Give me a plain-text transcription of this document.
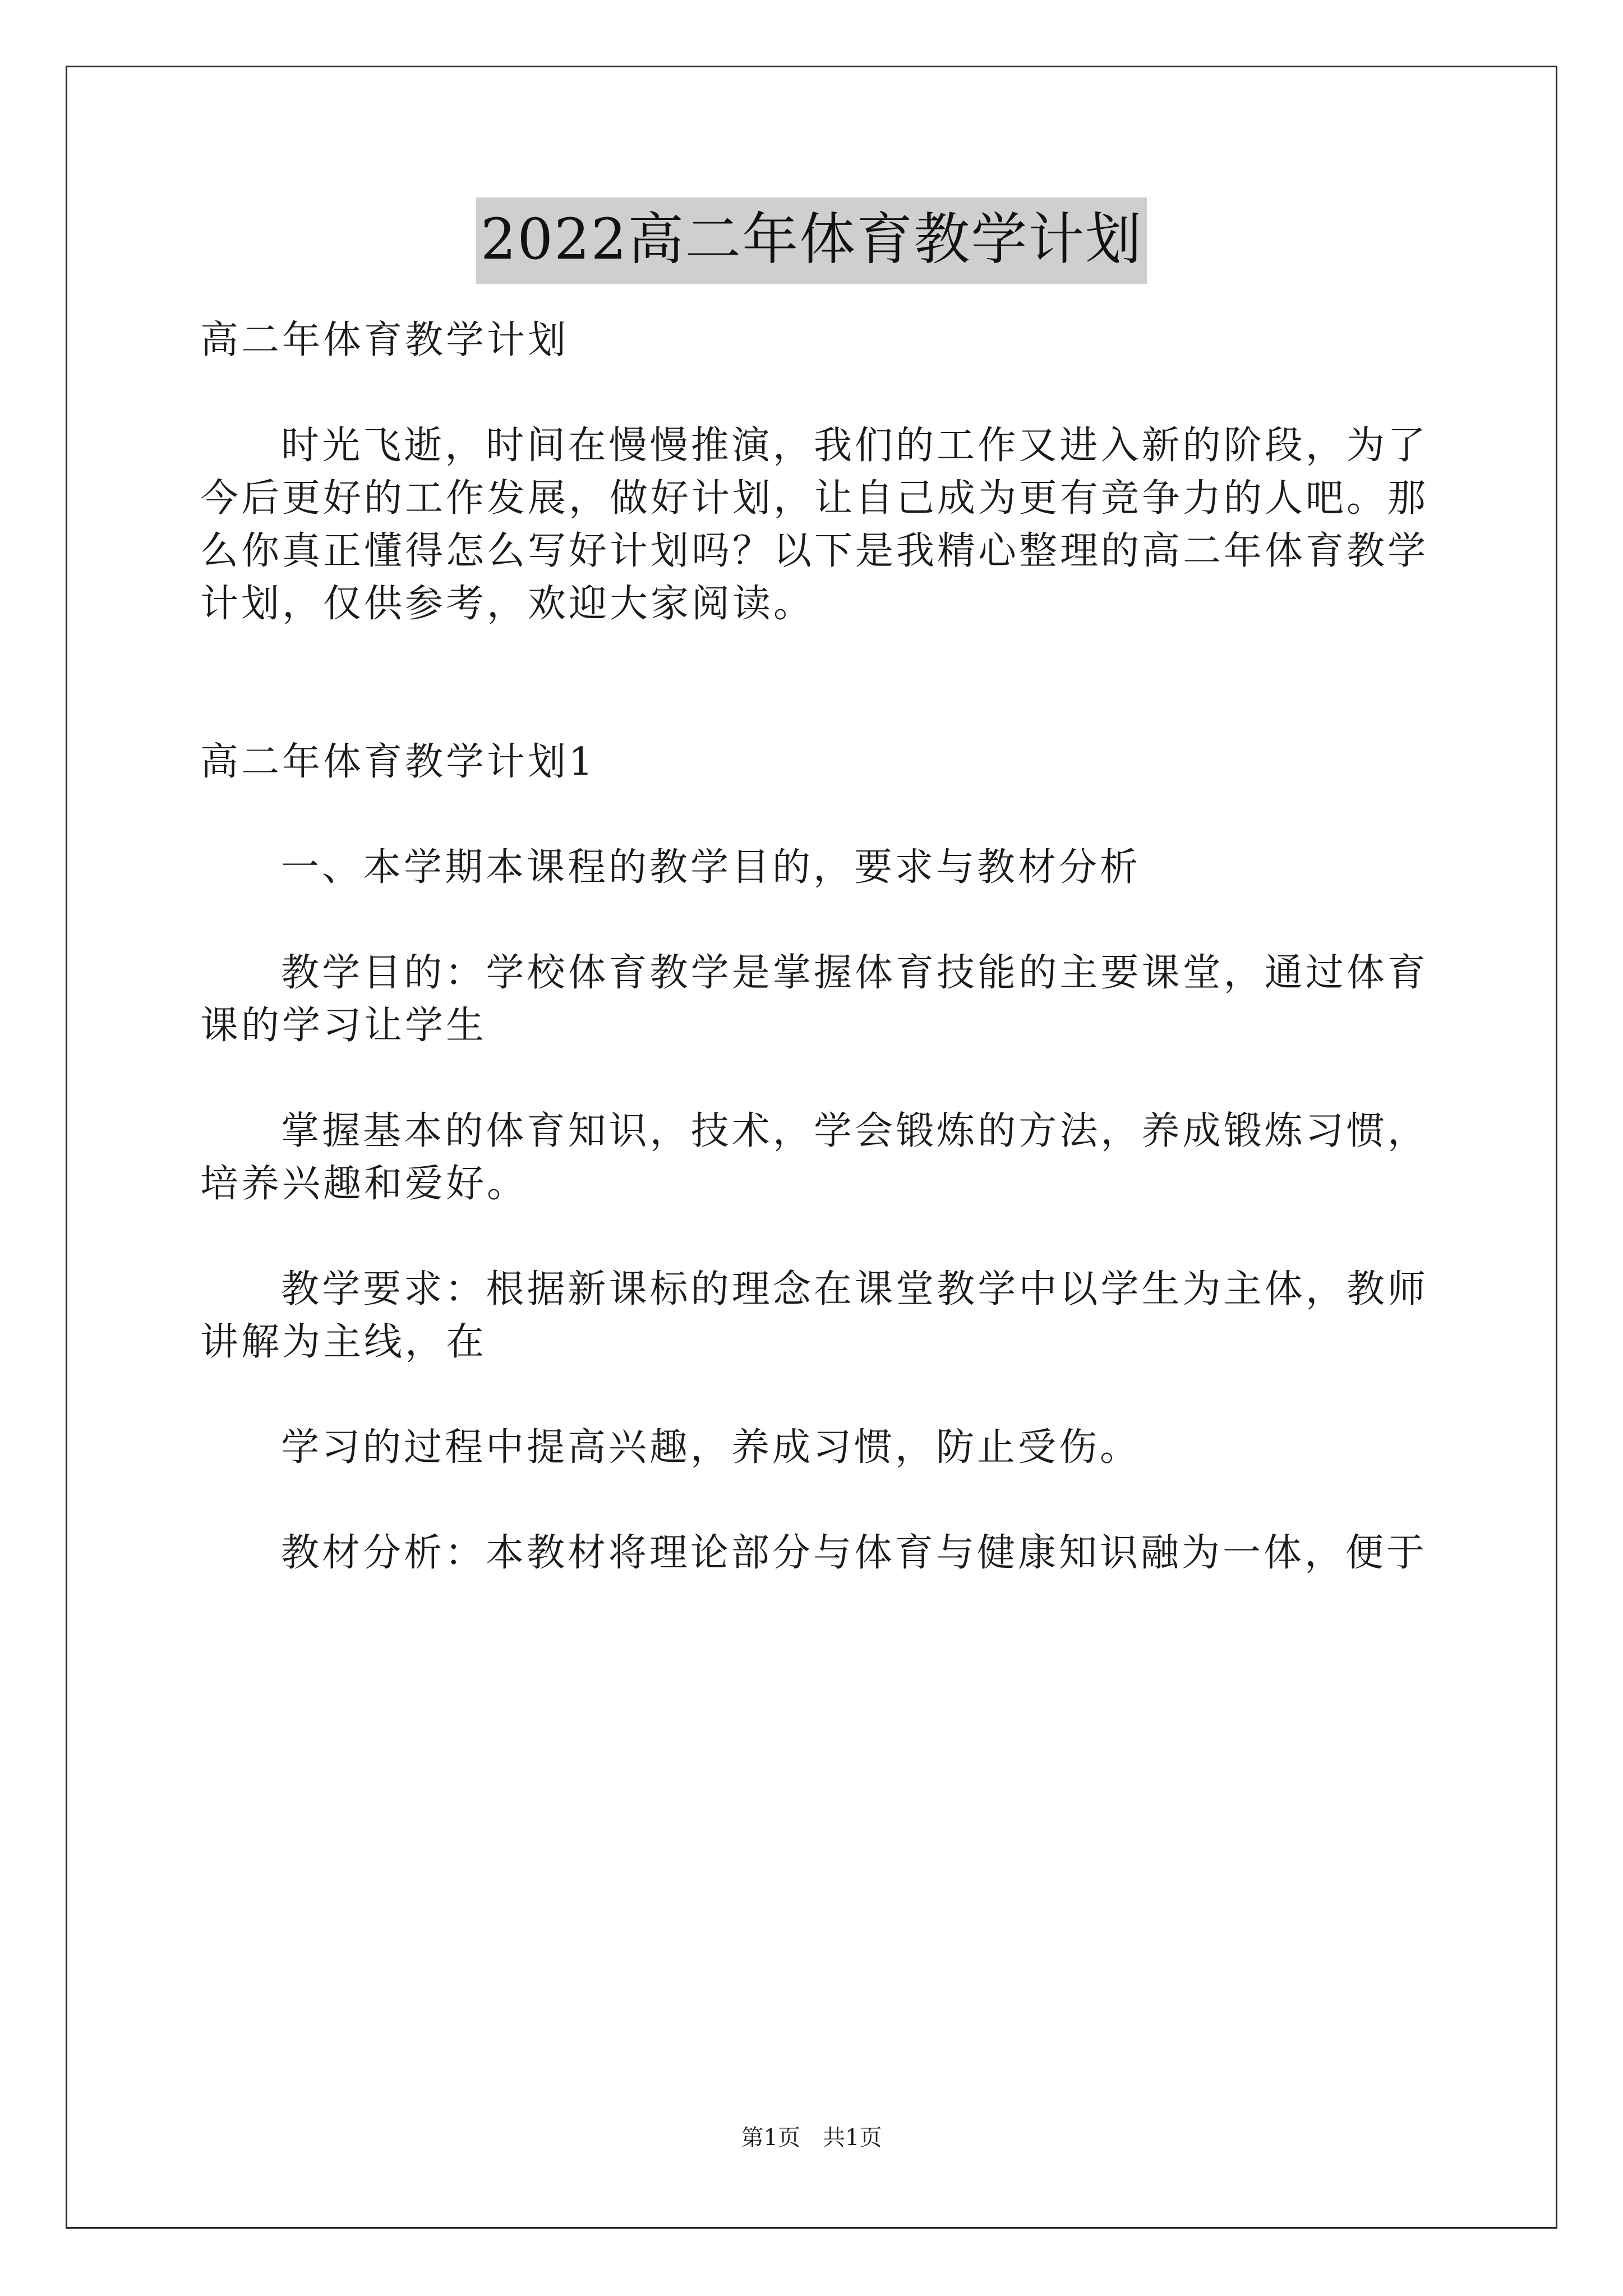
2022高二年体育教学计划

高二年体育教学计划

时光飞逝，时间在慢慢推演，我们的工作又进入新的阶段，为了今后更好的工作发展，做好计划，让自己成为更有竞争力的人吧。那么你真正懂得怎么写好计划吗？以下是我精心整理的高二年体育教学计划，仅供参考，欢迎大家阅读。

高二年体育教学计划1

一、本学期本课程的教学目的，要求与教材分析

教学目的：学校体育教学是掌握体育技能的主要课堂，通过体育课的学习让学生

掌握基本的体育知识，技术，学会锻炼的方法，养成锻炼习惯，培养兴趣和爱好。

教学要求：根据新课标的理念在课堂教学中以学生为主体，教师讲解为主线，在

学习的过程中提高兴趣，养成习惯，防止受伤。

教材分析：本教材将理论部分与体育与健康知识融为一体，便于

第1页　共1页
